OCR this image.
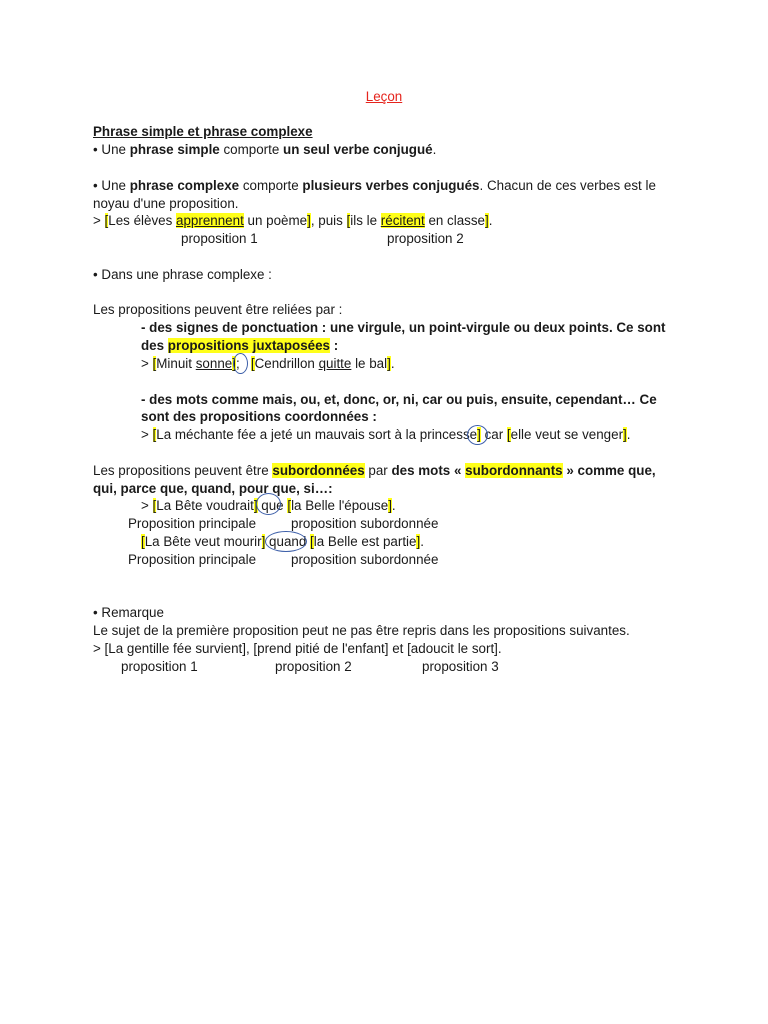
Leçon
Phrase simple et phrase complexe
• Une phrase simple comporte un seul verbe conjugué.
• Une phrase complexe comporte plusieurs verbes conjugués. Chacun de ces verbes est le
noyau d'une proposition.
> [Les élèves apprennent un poème], puis [ils le récitent en classe].
proposition 1	proposition 2
• Dans une phrase complexe :
Les propositions peuvent être reliées par :
- des signes de ponctuation : une virgule, un point-virgule ou deux points. Ce sont
des propositions juxtaposées :
> [Minuit sonne];   [Cendrillon quitte le bal].
- des mots comme mais, ou, et, donc, or, ni, car ou puis, ensuite, cependant… Ce
sont des propositions coordonnées :
> [La méchante fée a jeté un mauvais sort à la princesse] car [elle veut se venger].
Les propositions peuvent être subordonnées par des mots « subordonnants » comme que,
qui, parce que, quand, pour que, si…:
> [La Bête voudrait] que [la Belle l'épouse].
Proposition principale	proposition subordonnée
[La Bête veut mourir] quand [la Belle est partie].
Proposition principale	proposition subordonnée
• Remarque
Le sujet de la première proposition peut ne pas être repris dans les propositions suivantes.
> [La gentille fée survient], [prend pitié de l'enfant] et [adoucit le sort].
proposition 1	proposition 2	proposition 3
